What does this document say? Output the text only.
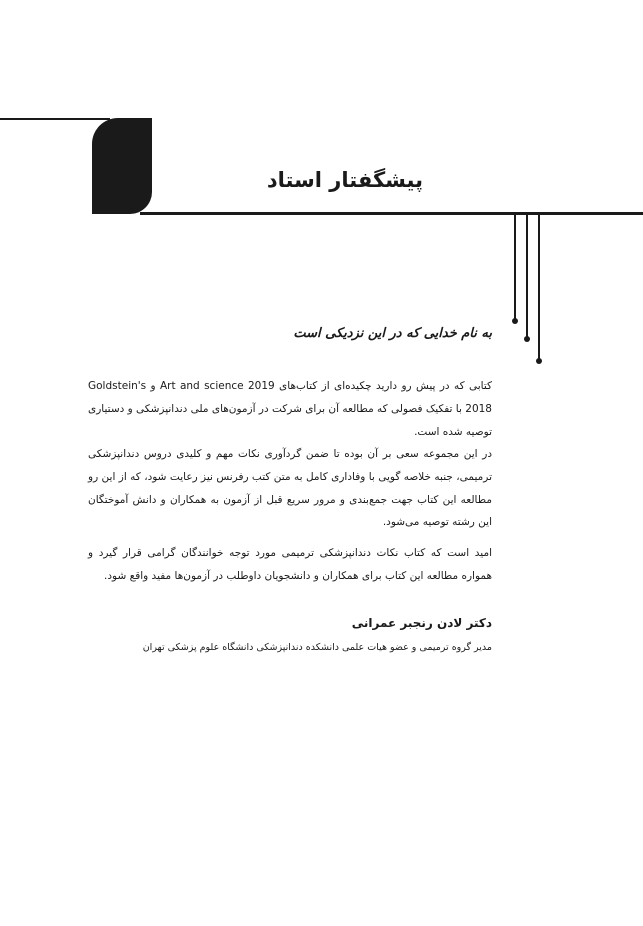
پیشگفتار استاد

به نام خدایی که در این نزدیکی است

کتابی که در پیش رو دارید چکیده‌ای از کتاب‌های Art and science 2019 و Goldstein's 2018 با تفکیک فصولی که مطالعه آن برای شرکت در آزمون‌های ملی دندانپزشکی و دستیاری توصیه شده است.

در این مجموعه سعی بر آن بوده تا ضمن گردآوری نکات مهم و کلیدی دروس دندانپزشکی ترمیمی، جنبه خلاصه گویی با وفاداری کامل به متن کتب رفرنس نیز رعایت شود، که از این رو مطالعه این کتاب جهت جمع‌بندی و مرور سریع قبل از آزمون به همکاران و دانش آموختگان این رشته توصیه می‌شود.

امید است که کتاب نکات دندانپزشکی ترمیمی مورد توجه خوانندگان گرامی قرار گیرد و همواره مطالعه این کتاب برای همکاران و دانشجویان داوطلب در آزمون‌ها مفید واقع شود.

دکتر لادن رنجبر عمرانی

مدیر گروه ترمیمی و عضو هیات علمی دانشکده دندانپزشکی دانشگاه علوم پزشکی تهران
